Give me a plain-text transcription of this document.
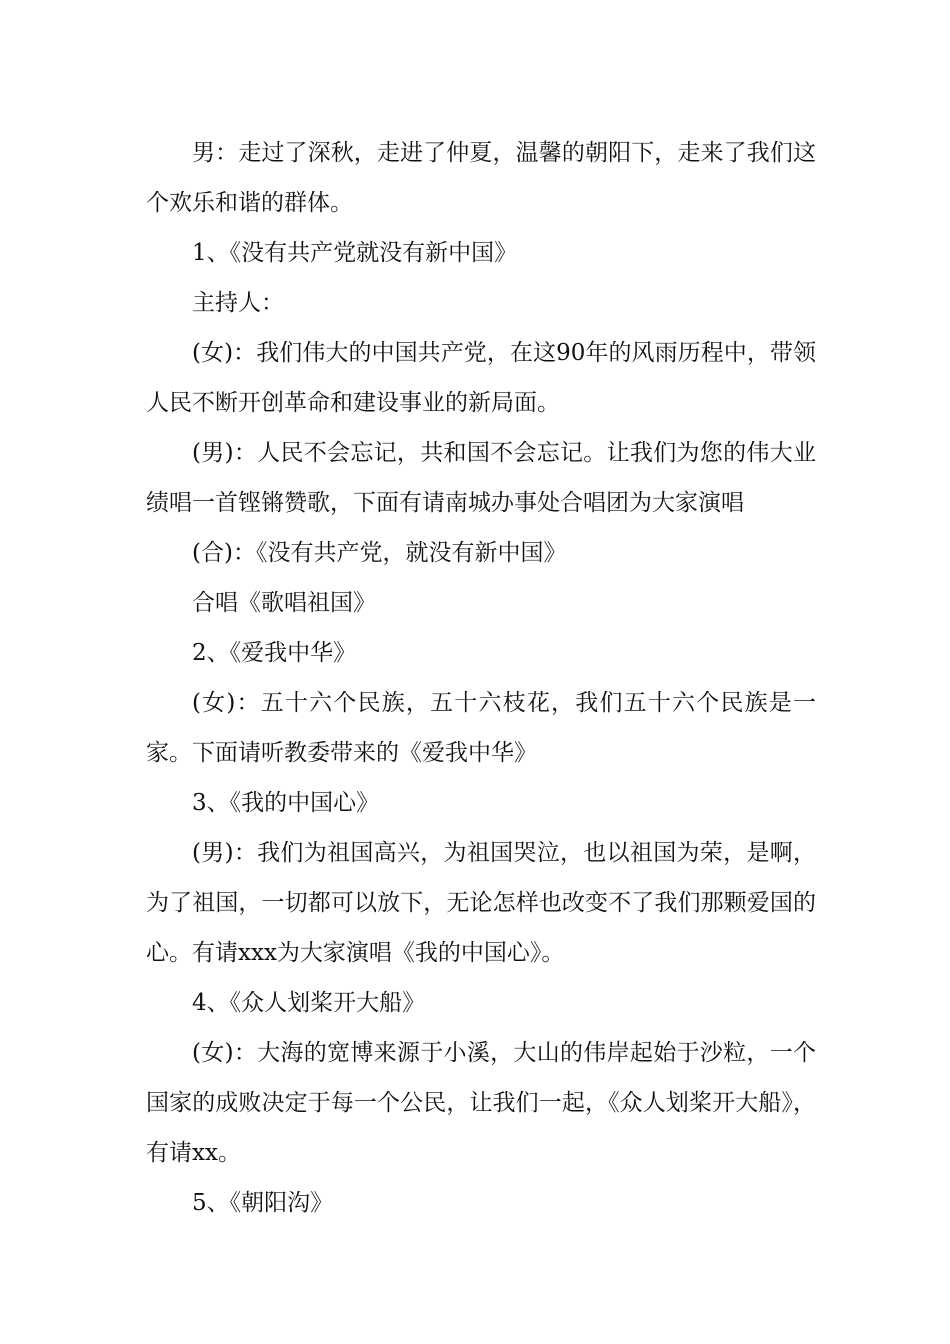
男：走过了深秋，走进了仲夏，温馨的朝阳下，走来了我们这个欢乐和谐的群体。

1、《没有共产党就没有新中国》

主持人：

(女)：我们伟大的中国共产党，在这90年的风雨历程中，带领人民不断开创革命和建设事业的新局面。

(男)：人民不会忘记，共和国不会忘记。让我们为您的伟大业绩唱一首铿锵赞歌，下面有请南城办事处合唱团为大家演唱

(合)：《没有共产党，就没有新中国》

合唱《歌唱祖国》

2、《爱我中华》

(女)：五十六个民族，五十六枝花，我们五十六个民族是一家。下面请听教委带来的《爱我中华》

3、《我的中国心》

(男)：我们为祖国高兴，为祖国哭泣，也以祖国为荣，是啊，为了祖国，一切都可以放下，无论怎样也改变不了我们那颗爱国的心。有请xxx为大家演唱《我的中国心》。

4、《众人划桨开大船》

(女)：大海的宽博来源于小溪，大山的伟岸起始于沙粒，一个国家的成败决定于每一个公民，让我们一起，《众人划桨开大船》，有请xx。

5、《朝阳沟》
